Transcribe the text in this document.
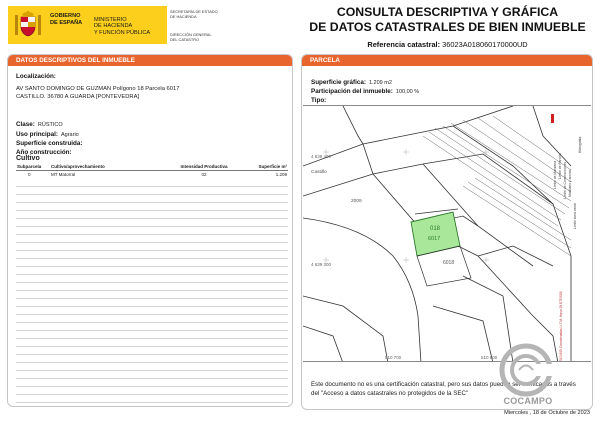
GOBIERNO
DE ESPAÑA MINISTERIO
DE HACIENDA
Y FUNCIÓN PÚBLICA
SECRETARÍA DE ESTADO
DE HACIENDA
DIRECCIÓN GENERAL
DEL CATASTRO
CONSULTA DESCRIPTIVA Y GRÁFICA
DE DATOS CATASTRALES DE BIEN INMUEBLE
Referencia catastral: 36023A018060170000UD
DATOS DESCRIPTIVOS DEL INMUEBLE
Localización:
AV SANTO DOMINGO DE GUZMAN Polígono 18 Parcela 6017
CASTILLO. 36780 A GUARDA [PONTEVEDRA]
Clase: RÚSTICO
Uso principal: Agrario
Superficie construida:
Año construcción:
Cultivo
Subparcela	Cultivo/aprovechamiento	Intensidad Productiva	Superficie m²
0	MT Matorral	02	1.209
PARCELA
Superficie gráfica: 1.209 m2
Participación del inmueble: 100,00 %
Tipo:
4 639 400
4 639 300
510 700	510 800
Castillo
2009
018
6017
6018
Límite de Manzana Límite de Parcela Límite de Construcciones Mobiliario y aceras
Límite zona verde
Hidrografía
510.800 Coordenadas U.T.M. Huso 29 ETRS89
Este documento no es una certificación catastral, pero sus datos pueden ser verificados a través del "Acceso a datos catastrales no protegidos de la SEC"
COCAMPO
Miercoles , 18 de Octubre de 2023
